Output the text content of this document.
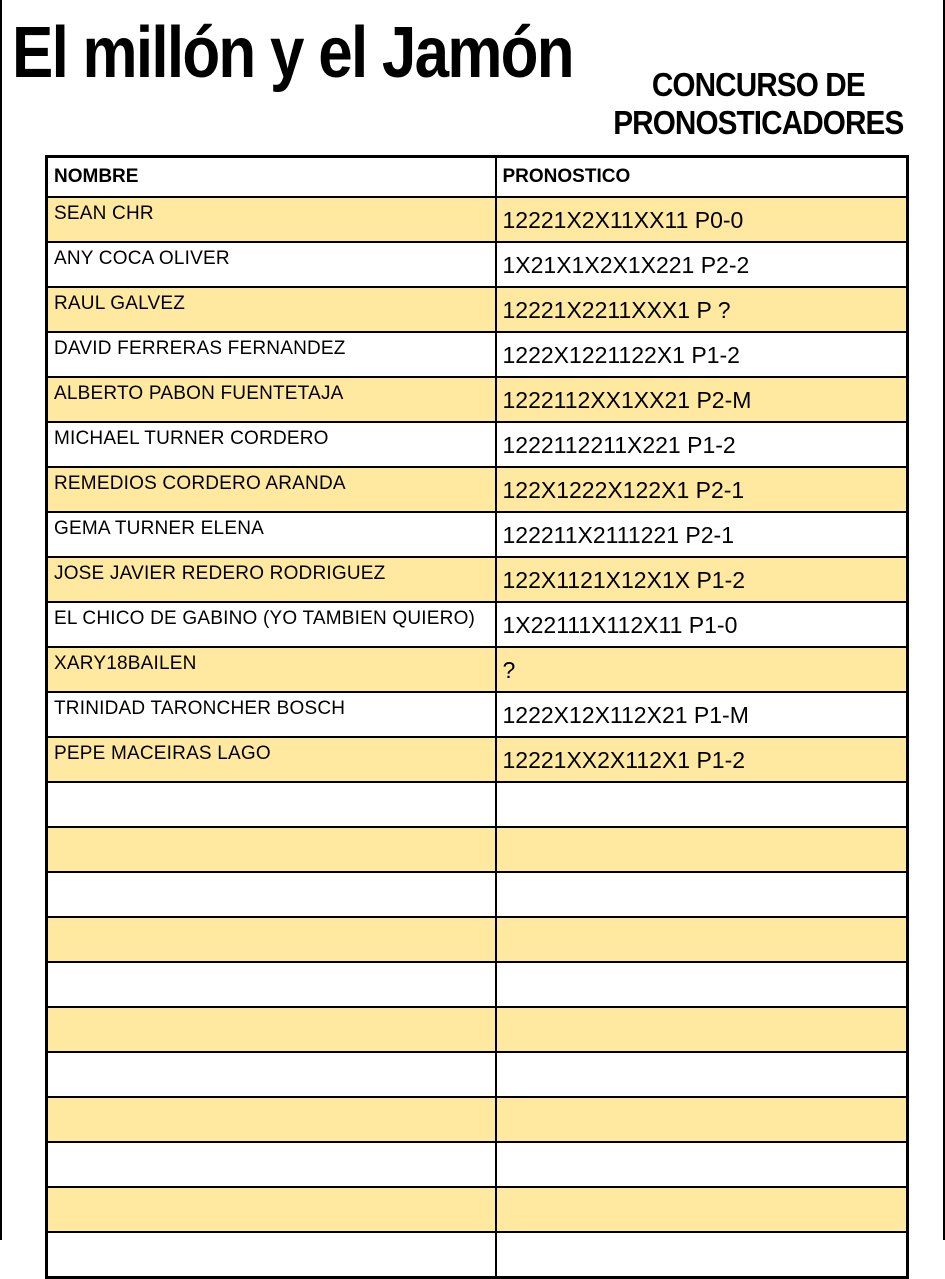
El millón y el Jamón	CONCURSO DE
PRONOSTICADORES
NOMBRE	PRONOSTICO
SEAN CHR	12221X2X11XX11 P0-0
ANY COCA OLIVER	1X21X1X2X1X221 P2-2
RAUL GALVEZ	12221X2211XXX1 P ?
DAVID FERRERAS FERNANDEZ	1222X1221122X1 P1-2
ALBERTO PABON FUENTETAJA	1222112XX1XX21 P2-M
MICHAEL TURNER CORDERO	1222112211X221 P1-2
REMEDIOS CORDERO ARANDA	122X1222X122X1 P2-1
GEMA TURNER ELENA	122211X2111221 P2-1
JOSE JAVIER REDERO RODRIGUEZ	122X1121X12X1X P1-2
EL CHICO DE GABINO (YO TAMBIEN QUIERO)	1X22111X112X11 P1-0
XARY18BAILEN	?
TRINIDAD TARONCHER BOSCH	1222X12X112X21 P1-M
PEPE MACEIRAS LAGO	12221XX2X112X1 P1-2
